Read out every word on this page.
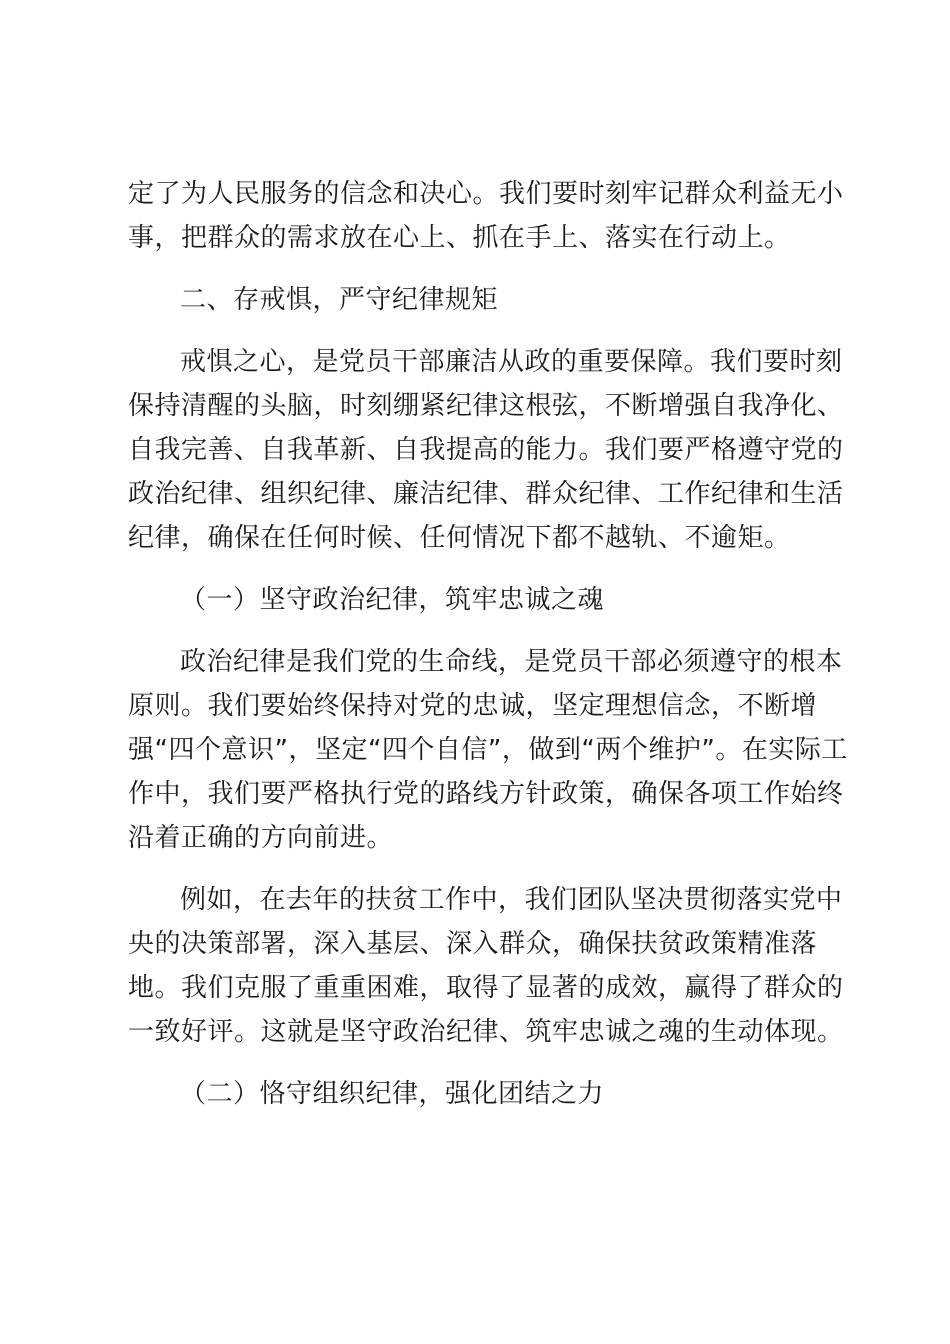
定了为人民服务的信念和决心。我们要时刻牢记群众利益无小
事，把群众的需求放在心上、抓在手上、落实在行动上。
二、存戒惧，严守纪律规矩
戒惧之心，是党员干部廉洁从政的重要保障。我们要时刻
保持清醒的头脑，时刻绷紧纪律这根弦，不断增强自我净化、
自我完善、自我革新、自我提高的能力。我们要严格遵守党的
政治纪律、组织纪律、廉洁纪律、群众纪律、工作纪律和生活
纪律，确保在任何时候、任何情况下都不越轨、不逾矩。
（一）坚守政治纪律，筑牢忠诚之魂
政治纪律是我们党的生命线，是党员干部必须遵守的根本
原则。我们要始终保持对党的忠诚，坚定理想信念，不断增
强“四个意识”，坚定“四个自信”，做到“两个维护”。在实际工
作中，我们要严格执行党的路线方针政策，确保各项工作始终
沿着正确的方向前进。
例如，在去年的扶贫工作中，我们团队坚决贯彻落实党中
央的决策部署，深入基层、深入群众，确保扶贫政策精准落
地。我们克服了重重困难，取得了显著的成效，赢得了群众的
一致好评。这就是坚守政治纪律、筑牢忠诚之魂的生动体现。
（二）恪守组织纪律，强化团结之力
